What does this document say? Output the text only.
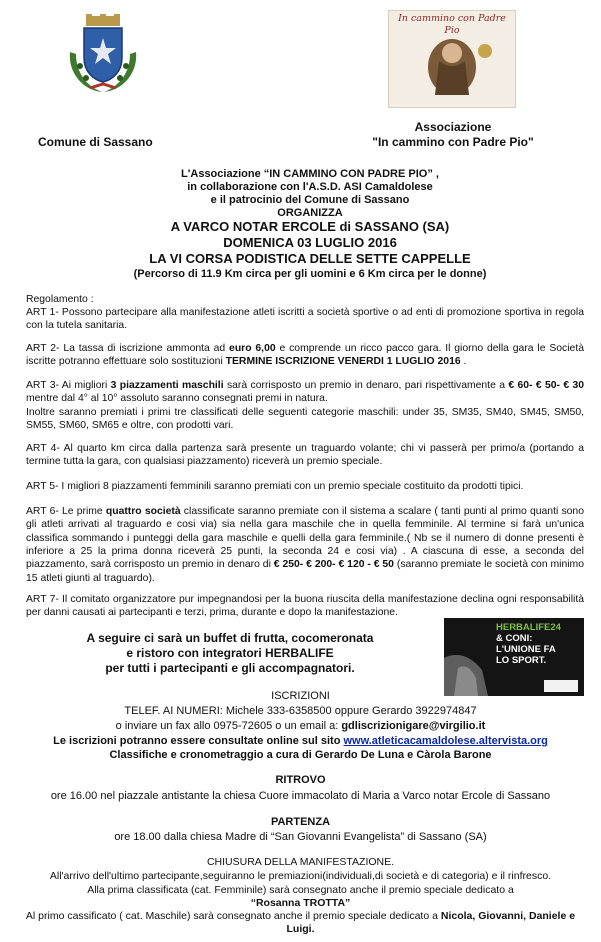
In cammino con Padre Pio
Comune di Sassano
Associazione
"In cammino con Padre Pio"
L'Associazione “IN CAMMINO CON PADRE PIO” ,
in collaborazione con l'A.S.D. ASI Camaldolese
e il patrocinio del Comune di Sassano
ORGANIZZA
A VARCO NOTAR ERCOLE di SASSANO (SA)
DOMENICA 03 LUGLIO 2016
LA VI CORSA PODISTICA DELLE SETTE CAPPELLE
(Percorso di 11.9 Km circa per gli uomini e 6 Km circa per le donne)
Regolamento :
ART 1- Possono partecipare alla manifestazione atleti iscritti a società sportive o ad enti di promozione sportiva in regola con la tutela sanitaria.
ART 2- La tassa di iscrizione ammonta ad euro 6,00 e comprende un ricco pacco gara. Il giorno della gara le Società iscritte potranno effettuare solo sostituzioni TERMINE ISCRIZIONE VENERDI 1 LUGLIO 2016 .
ART 3- Ai migliori 3 piazzamenti maschili sarà corrisposto un premio in denaro, pari rispettivamente a € 60- € 50- € 30 mentre dal 4° al 10° assoluto saranno consegnati premi in natura.
Inoltre saranno premiati i primi tre classificati delle seguenti categorie maschili: under 35, SM35, SM40, SM45, SM50, SM55, SM60, SM65 e oltre, con prodotti vari.
ART 4- Al quarto km circa dalla partenza sarà presente un traguardo volante; chi vi passerà per primo/a (portando a termine tutta la gara, con qualsiasi piazzamento) riceverà un premio speciale.
ART 5- I migliori 8 piazzamenti femminili saranno premiati con un premio speciale costituito da prodotti tipici.
ART 6- Le prime quattro società classificate saranno premiate con il sistema a scalare ( tanti punti al primo quanti sono gli atleti arrivati al traguardo e cosi via) sia nella gara maschile che in quella femminile. Al termine si farà un'unica classifica sommando i punteggi della gara maschile e quelli della gara femminile.( Nb se il numero di donne presenti è inferiore a 25 la prima donna riceverà 25 punti, la seconda 24 e cosi via) . A ciascuna di esse, a seconda del piazzamento, sarà corrisposto un premio in denaro di € 250- € 200- € 120 - € 50 (saranno premiate le società con minimo 15 atleti giunti al traguardo).
ART 7- Il comitato organizzatore pur impegnandosi per la buona riuscita della manifestazione declina ogni responsabilità per danni causati ai partecipanti e terzi, prima, durante e dopo la manifestazione.
A seguire ci sarà un buffet di frutta, cocomeronata
e ristoro con integratori HERBALIFE
per tutti i partecipanti e gli accompagnatori.
HERBALIFE24
& CONI:
L'UNIONE FA
LO SPORT.
ISCRIZIONI
TELEF. AI NUMERI: Michele 333-6358500 oppure Gerardo 3922974847
o inviare un fax allo 0975-72605 o un email a: gdliscrizionigare@virgilio.it
Le iscrizioni potranno essere consultate online sul sito www.atleticacamaldolese.altervista.org
Classifiche e cronometraggio a cura di Gerardo De Luna e Càrola Barone
RITROVO
ore 16.00 nel piazzale antistante la chiesa Cuore immacolato di Maria a Varco notar Ercole di Sassano
PARTENZA
ore 18.00 dalla chiesa Madre di “San Giovanni Evangelista” di Sassano (SA)
CHIUSURA DELLA MANIFESTAZIONE.
All'arrivo dell'ultimo partecipante,seguiranno le premiazioni(individuali,di società e di categoria) e il rinfresco.
Alla prima classificata (cat. Femminile) sarà consegnato anche il premio speciale dedicato a
“Rosanna TROTTA”
Al primo cassificato ( cat. Maschile) sarà consegnato anche il premio speciale dedicato a Nicola, Giovanni, Daniele e
Luigi.
